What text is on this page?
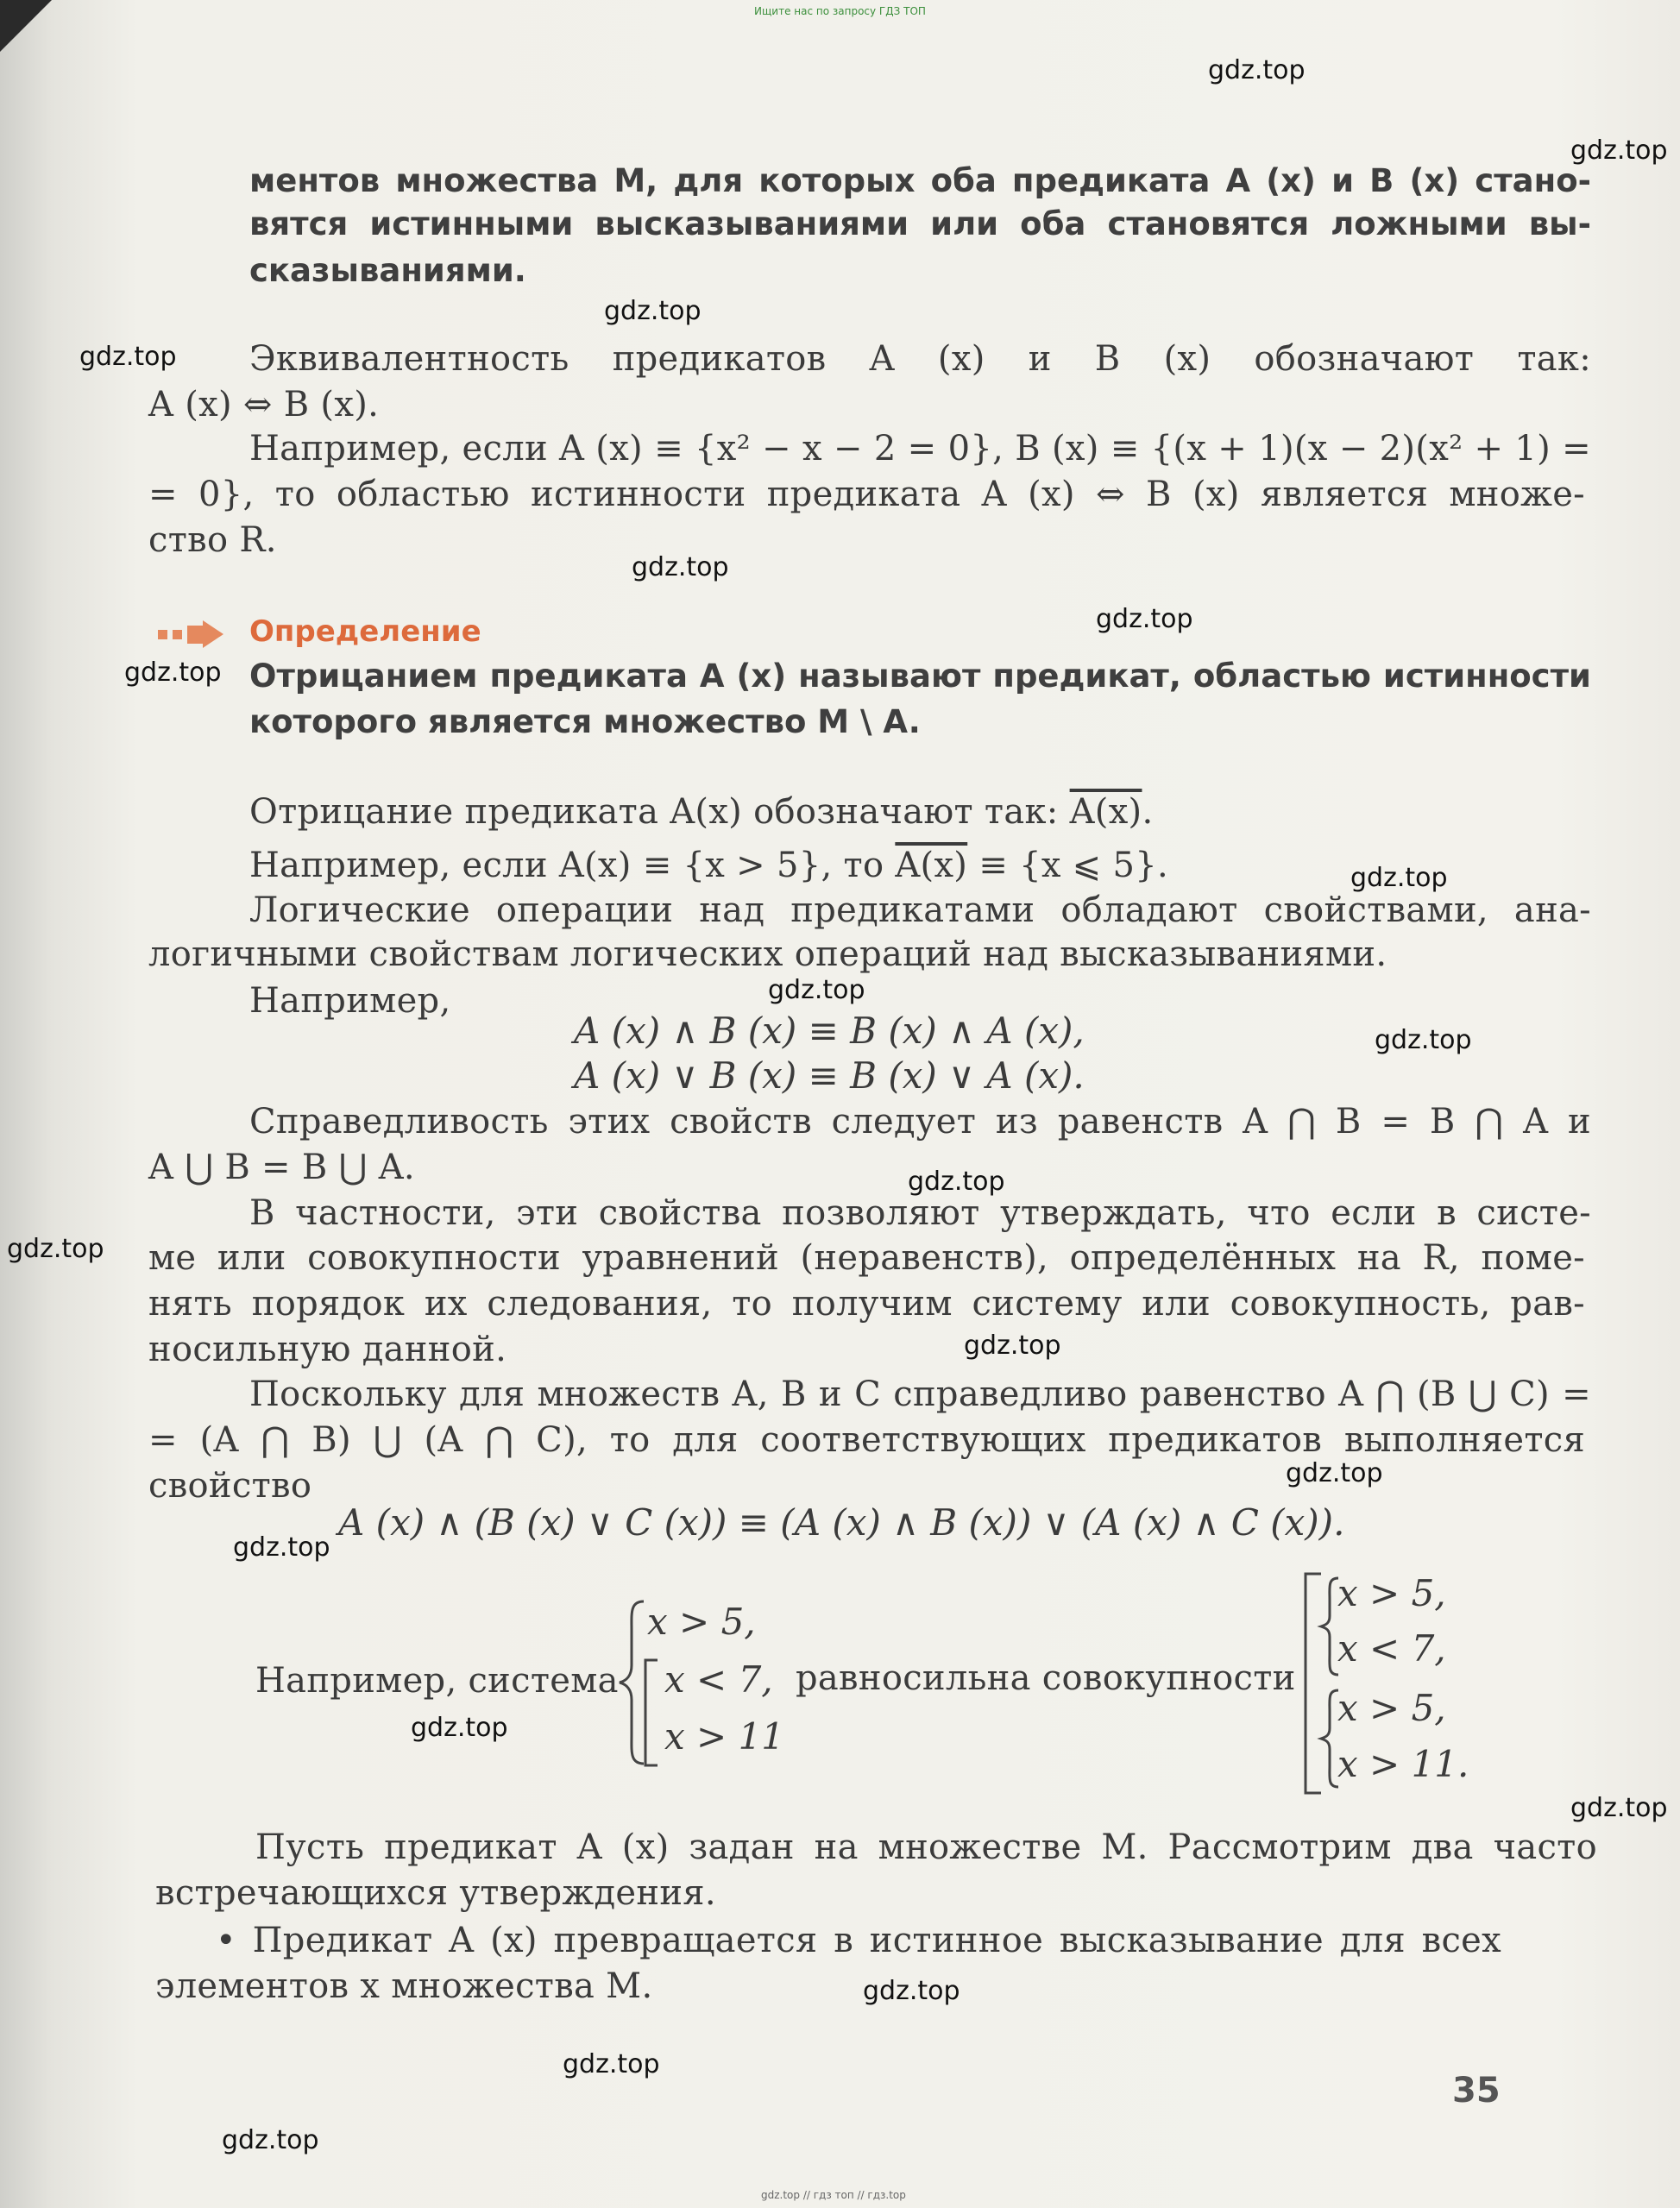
Ищите нас по запросу ГДЗ ТОП
ментов множества M, для которых оба предиката A (x) и B (x) стано-
вятся истинными высказываниями или оба становятся ложными вы-
сказываниями.
Эквивалентность предикатов A (x) и B (x) обозначают так:
A (x) ⇔ B (x).
Например, если A (x) ≡ {x² − x − 2 = 0}, B (x) ≡ {(x + 1)(x − 2)(x² + 1) =
= 0}, то областью истинности предиката A (x) ⇔ B (x) является множе-
ство R.
Определение
Отрицанием предиката A (x) называют предикат, областью истинности
которого является множество M \ A.
Отрицание предиката A(x) обозначают так: A(x).
Например, если A(x) ≡ {x > 5}, то A(x) ≡ {x ⩽ 5}.
Логические операции над предикатами обладают свойствами, ана-
логичными свойствам логических операций над высказываниями.
Например,
A (x) ∧ B (x) ≡ B (x) ∧ A (x),
A (x) ∨ B (x) ≡ B (x) ∨ A (x).
Справедливость этих свойств следует из равенств A ⋂ B = B ⋂ A и
A ⋃ B = B ⋃ A.
В частности, эти свойства позволяют утверждать, что если в систе-
ме или совокупности уравнений (неравенств), определённых на R, поме-
нять порядок их следования, то получим систему или совокупность, рав-
носильную данной.
Поскольку для множеств A, B и C справедливо равенство A ⋂ (B ⋃ C) =
= (A ⋂ B) ⋃ (A ⋂ C), то для соответствующих предикатов выполняется
свойство
A (x) ∧ (B (x) ∨ C (x)) ≡ (A (x) ∧ B (x)) ∨ (A (x) ∧ C (x)).
Например, система
x > 5,
x < 7,
x > 11
равносильна совокупности
x > 5,
x < 7,
x > 5,
x > 11.
Пусть предикат A (x) задан на множестве M. Рассмотрим два часто
встречающихся утверждения.
• Предикат A (x) превращается в истинное высказывание для всех
элементов x множества M.
35
gdz.top
gdz.top
gdz.top
gdz.top
gdz.top
gdz.top
gdz.top
gdz.top
gdz.top
gdz.top
gdz.top
gdz.top
gdz.top
gdz.top
gdz.top
gdz.top
gdz.top
gdz.top
gdz.top
gdz.top
gdz.top // гдз топ // гдз.top
